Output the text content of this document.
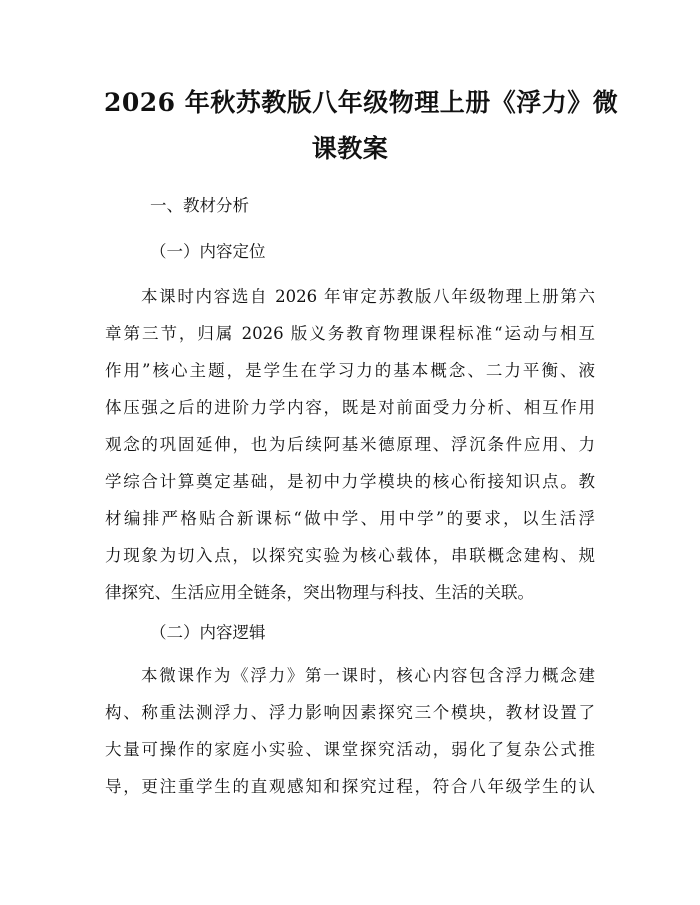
2026 年秋苏教版八年级物理上册《浮力》微
课教案
一、教材分析
（一）内容定位
本课时内容选自 2026 年审定苏教版八年级物理上册第六
章第三节，归属 2026 版义务教育物理课程标准“运动与相互
作用”核心主题，是学生在学习力的基本概念、二力平衡、液
体压强之后的进阶力学内容，既是对前面受力分析、相互作用
观念的巩固延伸，也为后续阿基米德原理、浮沉条件应用、力
学综合计算奠定基础，是初中力学模块的核心衔接知识点。教
材编排严格贴合新课标“做中学、用中学”的要求，以生活浮
力现象为切入点，以探究实验为核心载体，串联概念建构、规
律探究、生活应用全链条，突出物理与科技、生活的关联。
（二）内容逻辑
本微课作为《浮力》第一课时，核心内容包含浮力概念建
构、称重法测浮力、浮力影响因素探究三个模块，教材设置了
大量可操作的家庭小实验、课堂探究活动，弱化了复杂公式推
导，更注重学生的直观感知和探究过程，符合八年级学生的认
